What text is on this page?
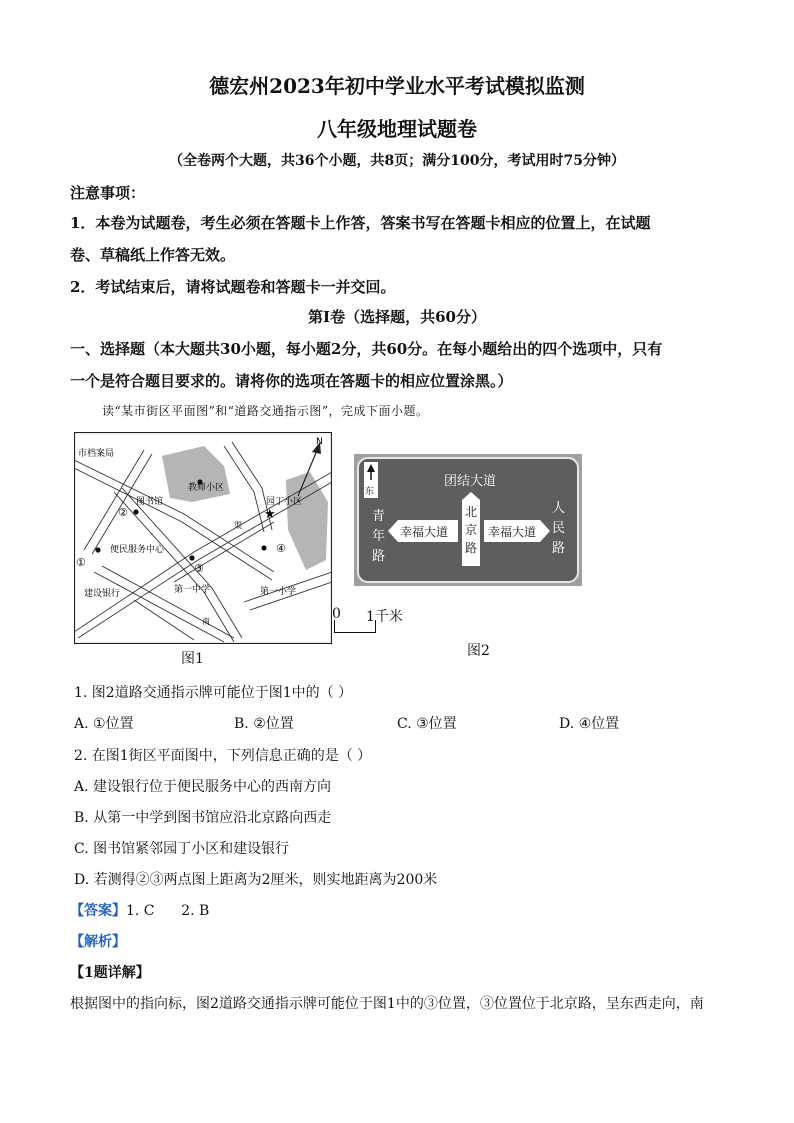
德宏州2023年初中学业水平考试模拟监测
八年级地理试题卷
（全卷两个大题，共36个小题，共8页；满分100分，考试用时75分钟）
注意事项：
1．本卷为试题卷，考生必须在答题卡上作答，答案书写在答题卡相应的位置上，在试题
卷、草稿纸上作答无效。
2．考试结束后，请将试题卷和答题卡一并交回。
第Ⅰ卷（选择题，共60分）
一、选择题（本大题共30小题，每小题2分，共60分。在每小题给出的四个选项中，只有
一个是符合题目要求的。请将你的选项在答题卡的相应位置涂黑。）
读“某市街区平面图”和“道路交通指示图”，完成下面小题。
N
★
市档案局
教师小区
图书馆	园丁小区
便民服务中心
建设银行	第一中学	第一小学
②
①	③
④
南
渠
图1
0 1千米
东
团结大道
青
年
路
人
民
路
幸福大道	幸福大道
北
京
路
图2
1. 图2道路交通指示牌可能位于图1中的（ ）
A. ①位置	B. ②位置	C. ③位置	D. ④位置
2. 在图1街区平面图中，下列信息正确的是（ ）
A. 建设银行位于便民服务中心的西南方向
B. 从第一中学到图书馆应沿北京路向西走
C. 图书馆紧邻园丁小区和建设银行
D. 若测得②③两点图上距离为2厘米，则实地距离为200米
【答案】1. C      2. B
【解析】
【1题详解】
根据图中的指向标，图2道路交通指示牌可能位于图1中的③位置，③位置位于北京路，呈东西走向，南
